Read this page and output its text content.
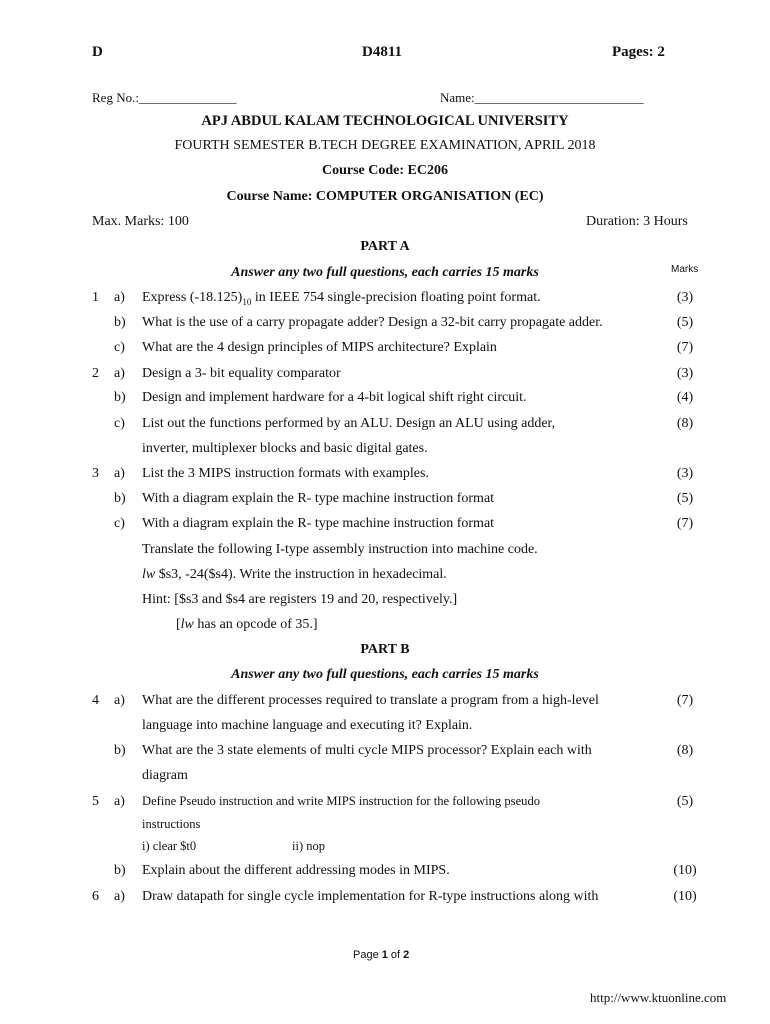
D	D4811	Pages: 2
Reg No.:_______________	Name:__________________________
APJ ABDUL KALAM TECHNOLOGICAL UNIVERSITY
FOURTH SEMESTER B.TECH DEGREE EXAMINATION, APRIL 2018
Course Code: EC206
Course Name: COMPUTER ORGANISATION (EC)
Max. Marks: 100	Duration: 3 Hours
PART A
Answer any two full questions, each carries 15 marks	Marks
1 a) Express $(-18.125)_{10}$ in IEEE 754 single-precision floating point format.	(3)
b) What is the use of a carry propagate adder? Design a 32-bit carry propagate adder.	(5)
c) What are the 4 design principles of MIPS architecture? Explain	(7)
2 a) Design a 3- bit equality comparator	(3)
b) Design and implement hardware for a 4-bit logical shift right circuit.	(4)
c) List out the functions performed by an ALU. Design an ALU using adder,	(8)
inverter, multiplexer blocks and basic digital gates.
3 a) List the 3 MIPS instruction formats with examples.	(3)
b) With a diagram explain the R- type machine instruction format	(5)
c) With a diagram explain the R- type machine instruction format	(7)
Translate the following I-type assembly instruction into machine code.
lw $s3, -24($s4). Write the instruction in hexadecimal.
Hint: [$s3 and $s4 are registers 19 and 20, respectively.]
[lw has an opcode of 35.]
PART B
Answer any two full questions, each carries 15 marks
4 a) What are the different processes required to translate a program from a high-level	(7)
language into machine language and executing it? Explain.
b) What are the 3 state elements of multi cycle MIPS processor? Explain each with	(8)
diagram
5 a) Define Pseudo instruction and write MIPS instruction for the following pseudo	(5)
instructions
i) clear $t0	ii) nop
b) Explain about the different addressing modes in MIPS.	(10)
6 a) Draw datapath for single cycle implementation for R-type instructions along with	(10)
Page 1 of 2
http://www.ktuonline.com
